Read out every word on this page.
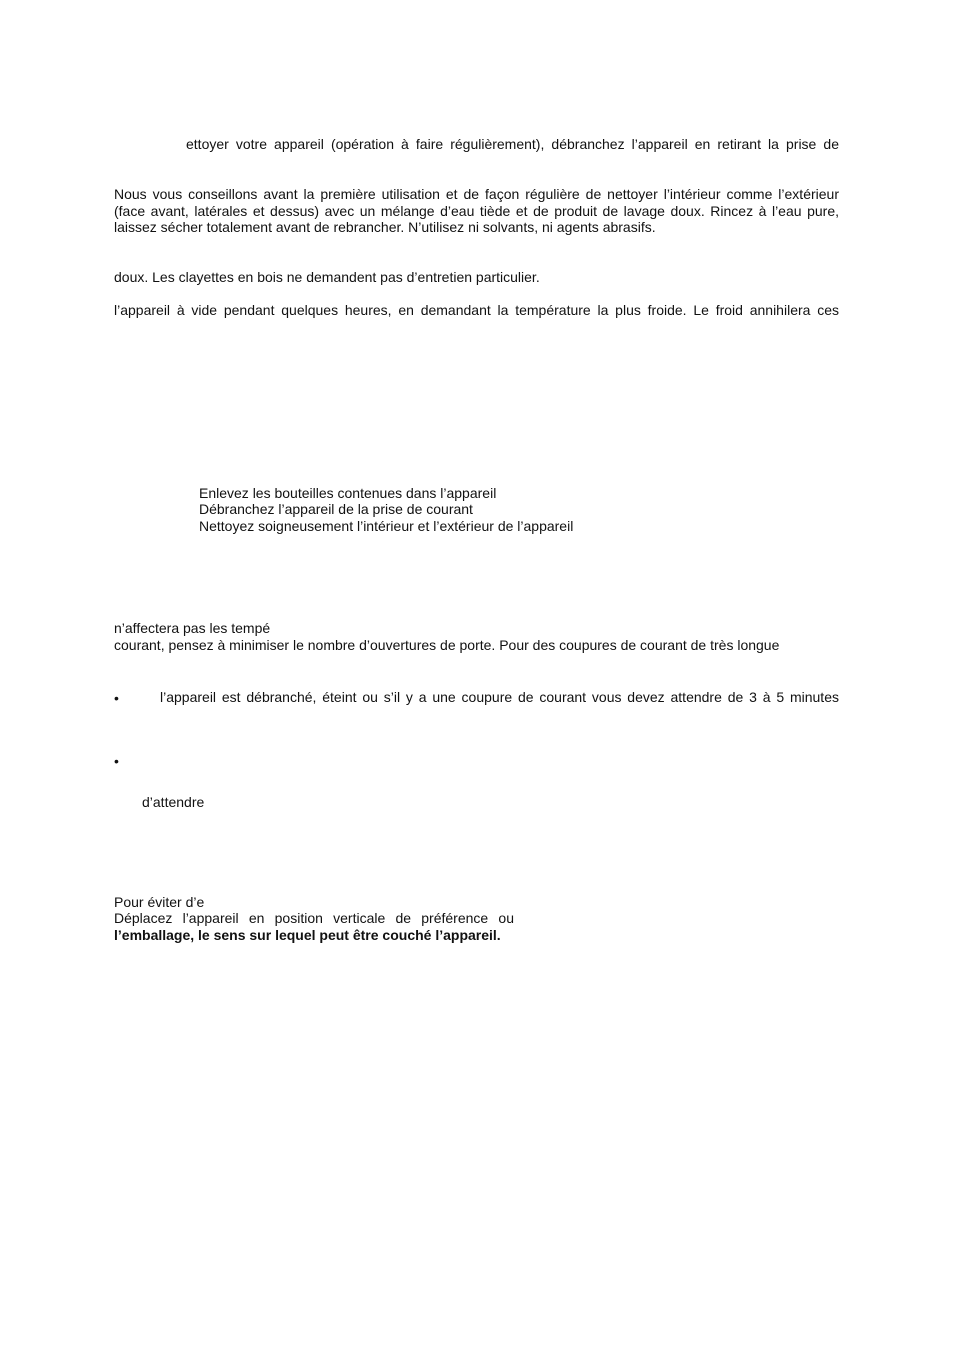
ettoyer votre appareil (opération à faire régulièrement), débranchez l’appareil en retirant la prise de
Nous vous conseillons avant la première utilisation et de façon régulière de nettoyer l’intérieur comme l’extérieur
(face avant, latérales et dessus) avec un mélange d’eau tiède et de produit de lavage doux. Rincez à l’eau pure,
laissez sécher totalement avant de rebrancher. N’utilisez ni solvants, ni agents abrasifs.
doux. Les clayettes en bois ne demandent pas d’entretien particulier.
l’appareil à vide pendant quelques heures, en demandant la température la plus froide. Le froid annihilera ces
Enlevez les bouteilles contenues dans l’appareil
Débranchez l’appareil de la prise de courant
Nettoyez soigneusement l’intérieur et l’extérieur de l’appareil
n’affectera pas les tempé
courant, pensez à minimiser le nombre d’ouvertures de porte. Pour des coupures de courant de très longue
•	l’appareil est débranché, éteint ou s’il y a une coupure de courant vous devez attendre de 3 à 5 minutes
•
d’attendre
Pour éviter d’e
Déplacez l’appareil en position verticale de préférence ou
l’emballage, le sens sur lequel peut être couché l’appareil.
